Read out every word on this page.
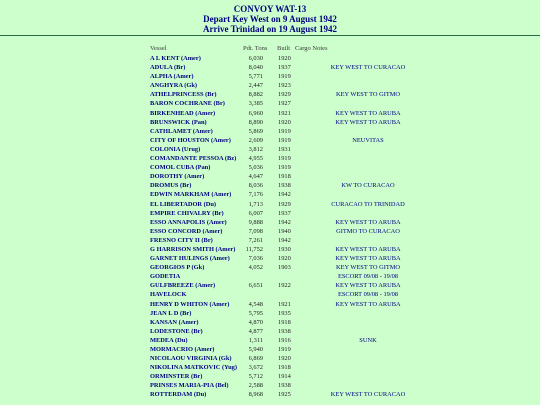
CONVOY WAT-13
Depart Key West on 9 August 1942
Arrive Trinidad on 19 August 1942
Vessel	Pdt. Tons Built Cargo Notes
A L KENT (Amer)	6,030 1920
ADULA (Br)	8,040 1937	KEY WEST TO CURACAO
ALPHA (Amer)	5,771 1919
ANGHYRA (Gk)	2,447 1923
ATHELPRINCESS (Br)	8,882 1929	KEY WEST TO GITMO
BARON COCHRANE (Br)	3,385 1927
BIRKENHEAD (Amer)	6,960 1921	KEY WEST TO ARUBA
BRUNSWICK (Pan)	8,890 1920	KEY WEST TO ARUBA
CATHLAMET (Amer)	5,869 1919
CITY OF HOUSTON (Amer)	2,609 1919	NEUVITAS
COLONIA (Urug)	3,812 1931
COMANDANTE PESSOA (Bz)	4,955 1919
COMOL CUBA (Pan)	5,036 1919
DOROTHY (Amer)	4,647 1918
DROMUS (Br)	8,036 1938	KW TO CURACAO
EDWIN MARKHAM (Amer)	7,176 1942
EL LIBERTADOR (Du)	1,713 1929	CURACAO TO TRINIDAD
EMPIRE CHIVALRY (Br)	6,007 1937
ESSO ANNAPOLIS (Amer)	9,888 1942	KEY WEST TO ARUBA
ESSO CONCORD (Amer)	7,098 1940	GITMO TO CURACAO
FRESNO CITY II (Br)	7,261 1942
G HARRISON SMITH (Amer)	11,752 1930	KEY WEST TO ARUBA
GARNET HULINGS (Amer)	7,036 1920	KEY WEST TO ARUBA
GEORGIOS P (Gk)	4,052 1903	KEY WEST TO GITMO
GODETIA	ESCORT 09/08 - 19/08
GULFBREEZE (Amer)	6,651 1922	KEY WEST TO ARUBA
HAVELOCK	ESCORT 09/08 - 19/08
HENRY D WHITON (Amer)	4,548 1921	KEY WEST TO ARUBA
JEAN L D (Br)	5,795 1935
KANSAN (Amer)	4,870 1918
LODESTONE (Br)	4,877 1938
MEDEA (Du)	1,311 1916	SUNK
MORMACRIO (Amer)	5,940 1919
NICOLAOU VIRGINIA (Gk)	6,869 1920
NIKOLINA MATKOVIC (Yug)	3,672 1918
ORMINSTER (Br)	5,712 1914
PRINSES MARIA-PIA (Bel)	2,588 1938
ROTTERDAM (Du)	8,968 1925	KEY WEST TO CURACAO
